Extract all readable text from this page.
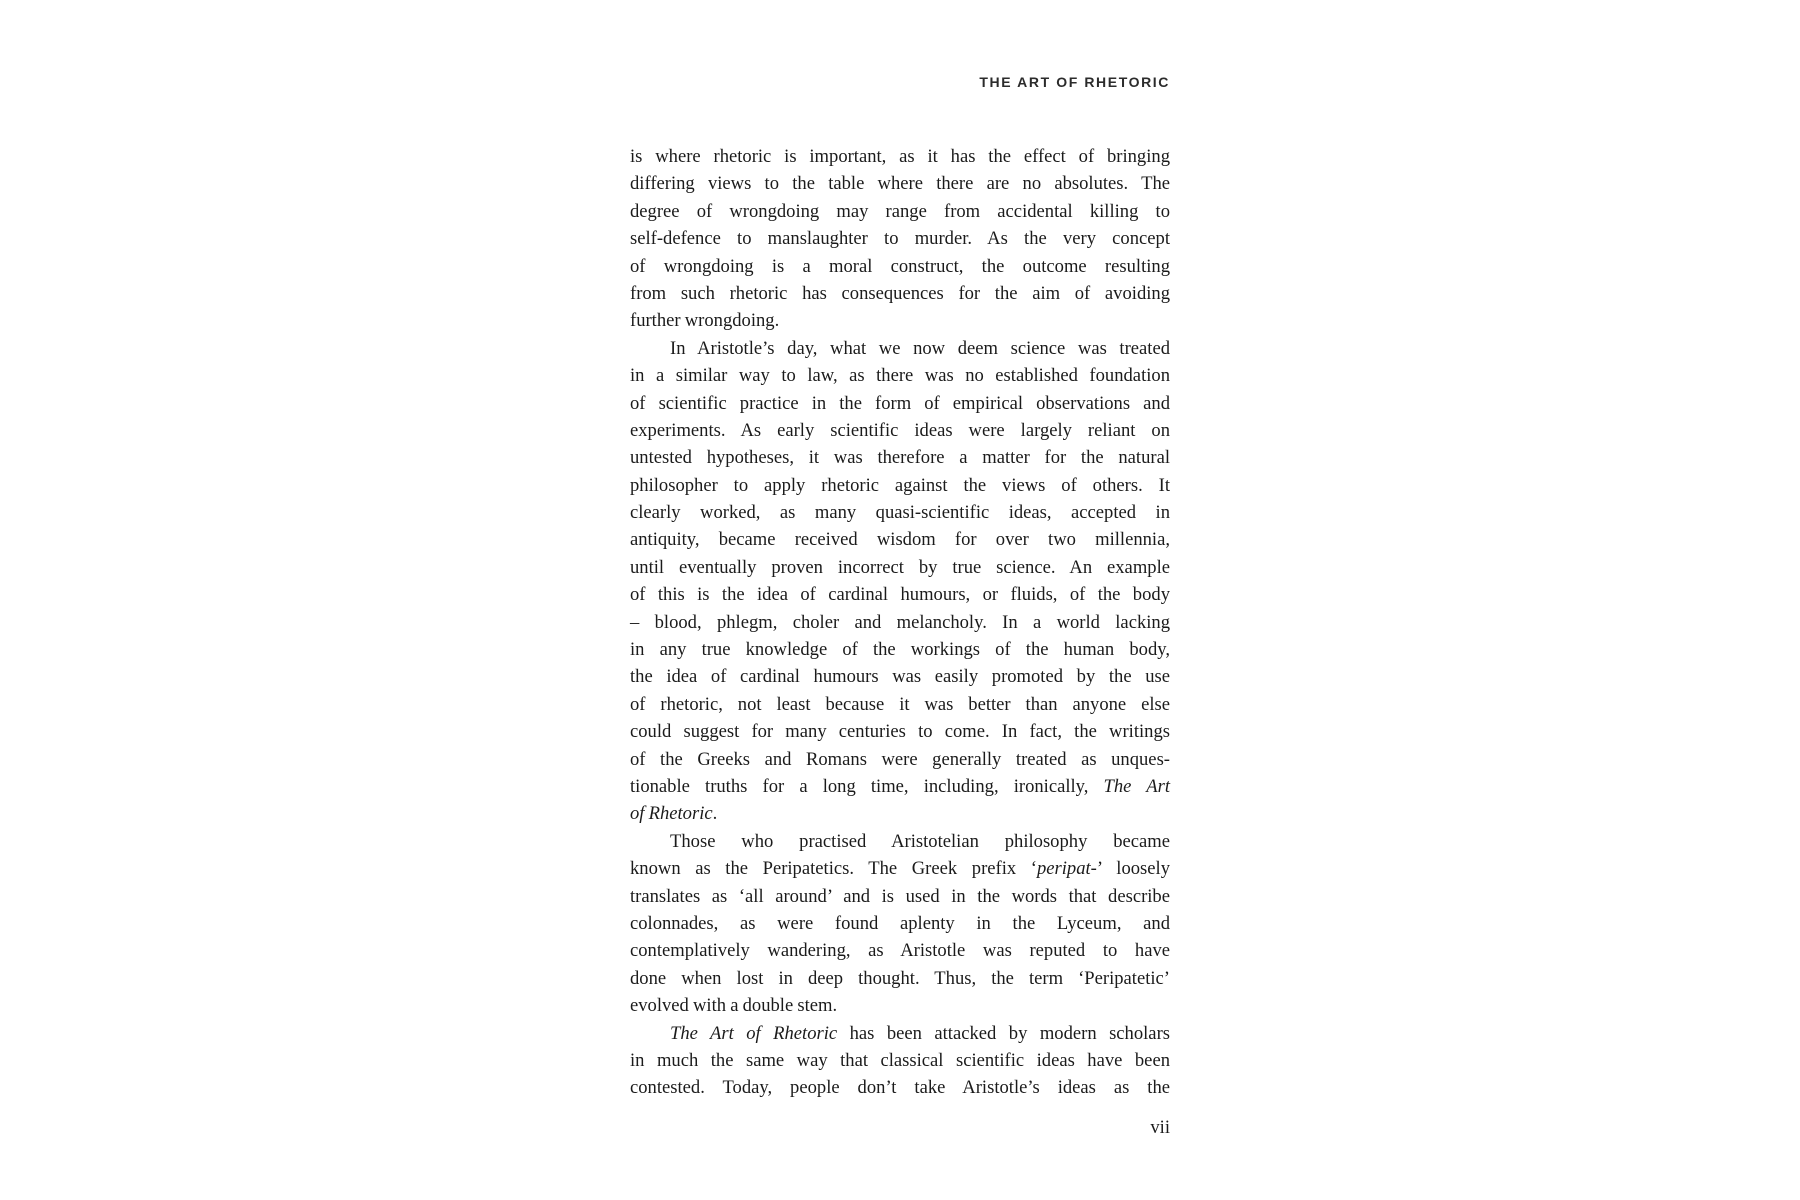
THE ART OF RHETORIC
is where rhetoric is important, as it has the effect of bringing
differing views to the table where there are no absolutes. The
degree of wrongdoing may range from accidental killing to
self-defence to manslaughter to murder. As the very concept
of wrongdoing is a moral construct, the outcome resulting
from such rhetoric has consequences for the aim of avoiding
further wrongdoing.
In Aristotle’s day, what we now deem science was treated
in a similar way to law, as there was no established foundation
of scientific practice in the form of empirical observations and
experiments. As early scientific ideas were largely reliant on
untested hypotheses, it was therefore a matter for the natural
philosopher to apply rhetoric against the views of others. It
clearly worked, as many quasi-scientific ideas, accepted in
antiquity, became received wisdom for over two millennia,
until eventually proven incorrect by true science. An example
of this is the idea of cardinal humours, or fluids, of the body
– blood, phlegm, choler and melancholy. In a world lacking
in any true knowledge of the workings of the human body,
the idea of cardinal humours was easily promoted by the use
of rhetoric, not least because it was better than anyone else
could suggest for many centuries to come. In fact, the writings
of the Greeks and Romans were generally treated as unques-
tionable truths for a long time, including, ironically, The Art
of Rhetoric.
Those who practised Aristotelian philosophy became
known as the Peripatetics. The Greek prefix ‘peripat-’ loosely
translates as ‘all around’ and is used in the words that describe
colonnades, as were found aplenty in the Lyceum, and
contemplatively wandering, as Aristotle was reputed to have
done when lost in deep thought. Thus, the term ‘Peripatetic’
evolved with a double stem.
The Art of Rhetoric has been attacked by modern scholars
in much the same way that classical scientific ideas have been
contested. Today, people don’t take Aristotle’s ideas as the
vii
